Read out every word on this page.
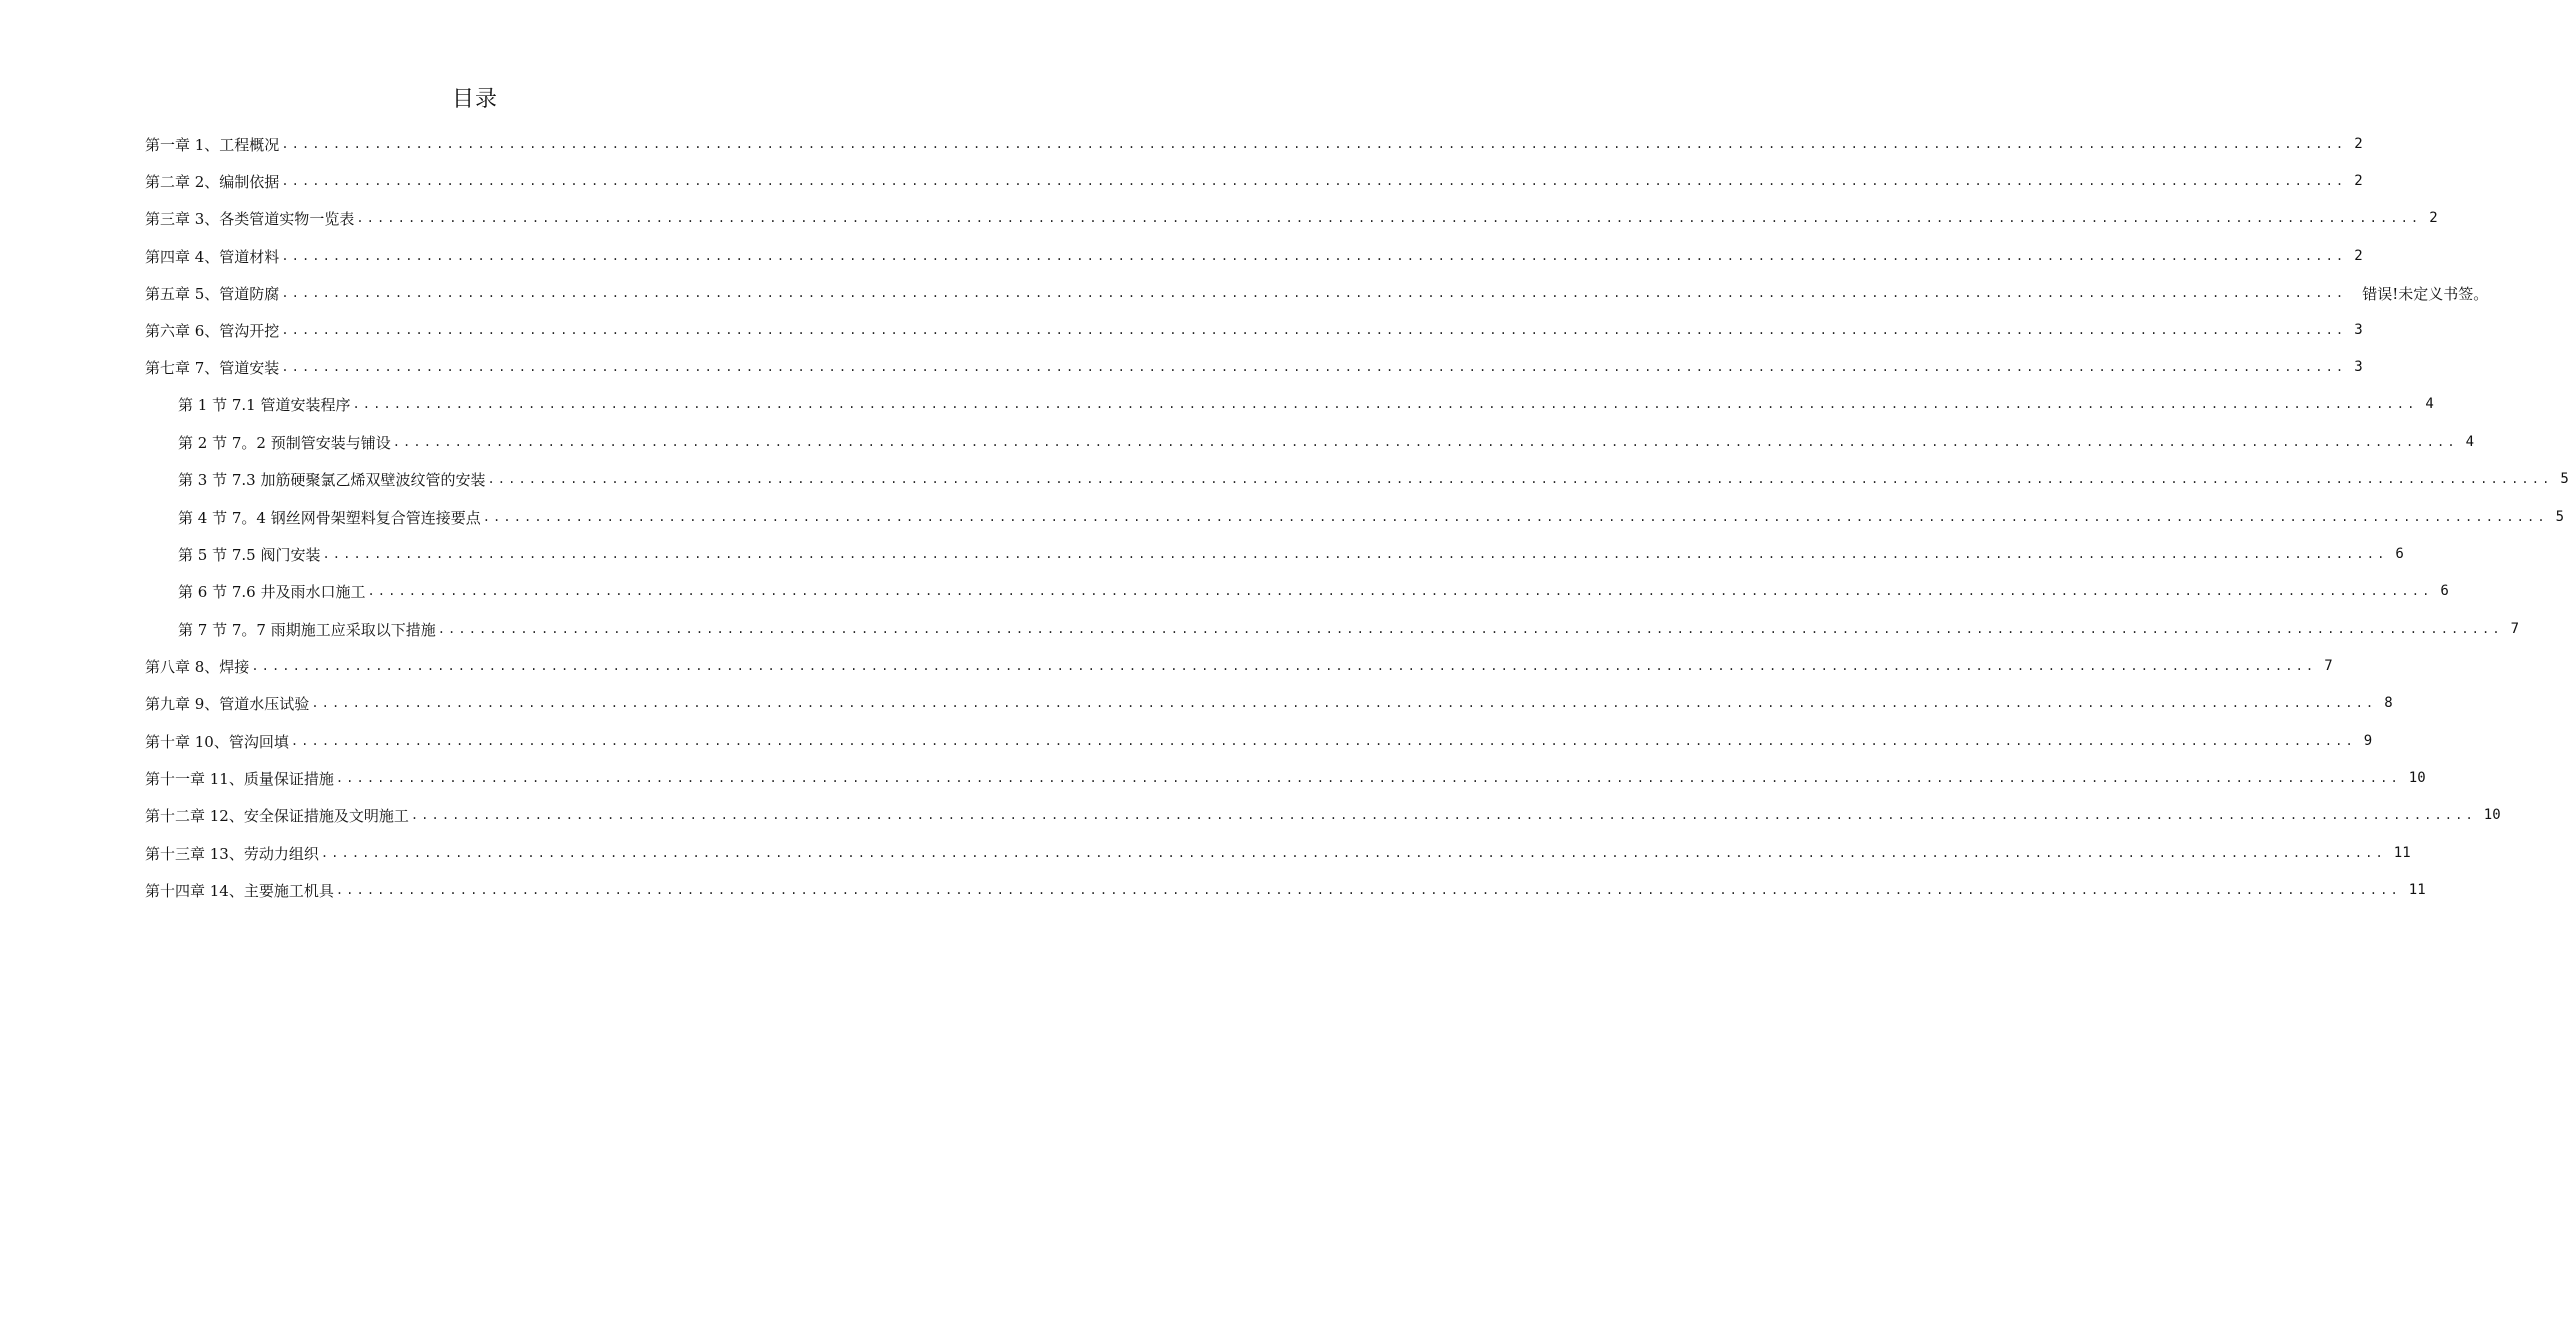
目录
第一章 1、工程概况 ........................................................................................................................................................................................................ 2
第二章 2、编制依据 ........................................................................................................................................................................................................ 2
第三章 3、各类管道实物一览表 ........................................................................................................................................................................................................ 2
第四章 4、管道材料 ........................................................................................................................................................................................................ 2
第五章 5、管道防腐 ........................................................................................................................................................................................................	错误!未定义书签。
第六章 6、管沟开挖 ........................................................................................................................................................................................................ 3
第七章 7、管道安装 ........................................................................................................................................................................................................ 3
第 1 节 7.1 管道安装程序 ........................................................................................................................................................................................................ 4
第 2 节 7。2 预制管安装与铺设 ........................................................................................................................................................................................................ 4
第 3 节 7.3 加筋硬聚氯乙烯双壁波纹管的安装 ........................................................................................................................................................................................................ 5
第 4 节 7。4 钢丝网骨架塑料复合管连接要点 ........................................................................................................................................................................................................ 5
第 5 节 7.5 阀门安装 ........................................................................................................................................................................................................ 6
第 6 节 7.6 井及雨水口施工 ........................................................................................................................................................................................................ 6
第 7 节 7。7 雨期施工应采取以下措施 ........................................................................................................................................................................................................ 7
第八章 8、焊接 ........................................................................................................................................................................................................ 7
第九章 9、管道水压试验 ........................................................................................................................................................................................................ 8
第十章 10、管沟回填 ........................................................................................................................................................................................................ 9
第十一章 11、质量保证措施 ........................................................................................................................................................................................................ 10
第十二章 12、安全保证措施及文明施工 ........................................................................................................................................................................................................ 10
第十三章 13、劳动力组织 ........................................................................................................................................................................................................ 11
第十四章 14、主要施工机具 ........................................................................................................................................................................................................ 11
